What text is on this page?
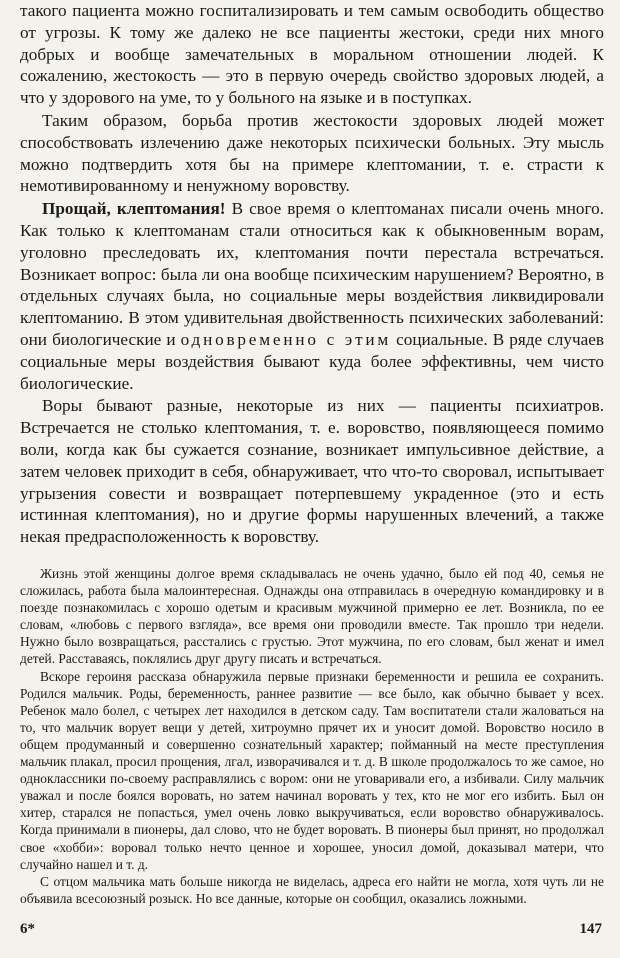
такого пациента можно госпитализировать и тем самым освободить общество от угрозы. К тому же далеко не все пациенты жестоки, среди них много добрых и вообще замечательных в моральном отношении людей. К сожалению, жестокость — это в первую очередь свойство здоровых людей, а что у здорового на уме, то у больного на языке и в поступках.

Таким образом, борьба против жестокости здоровых людей может способствовать излечению даже некоторых психически больных. Эту мысль можно подтвердить хотя бы на примере клептомании, т. е. страсти к немотивированному и ненужному воровству.

Прощай, клептомания! В свое время о клептоманах писали очень много. Как только к клептоманам стали относиться как к обыкновенным ворам, уголовно преследовать их, клептомания почти перестала встречаться. Возникает вопрос: была ли она вообще психическим нарушением? Вероятно, в отдельных случаях была, но социальные меры воздействия ликвидировали клептоманию. В этом удивительная двойственность психических заболеваний: они биологические и одновременно с этим социальные. В ряде случаев социальные меры воздействия бывают куда более эффективны, чем чисто биологические.

Воры бывают разные, некоторые из них — пациенты психиатров. Встречается не столько клептомания, т. е. воровство, появляющееся помимо воли, когда как бы сужается сознание, возникает импульсивное действие, а затем человек приходит в себя, обнаруживает, что что-то своровал, испытывает угрызения совести и возвращает потерпевшему украденное (это и есть истинная клептомания), но и другие формы нарушенных влечений, а также некая предрасположенность к воровству.

Жизнь этой женщины долгое время складывалась не очень удачно, было ей под 40, семья не сложилась, работа была малоинтересная. Однажды она отправилась в очередную командировку и в поезде познакомилась с хорошо одетым и красивым мужчиной примерно ее лет. Возникла, по ее словам, «любовь с первого взгляда», все время они проводили вместе. Так прошло три недели. Нужно было возвращаться, расстались с грустью. Этот мужчина, по его словам, был женат и имел детей. Расставаясь, поклялись друг другу писать и встречаться.

Вскоре героиня рассказа обнаружила первые признаки беременности и решила ее сохранить. Родился мальчик. Роды, беременность, раннее развитие — все было, как обычно бывает у всех. Ребенок мало болел, с четырех лет находился в детском саду. Там воспитатели стали жаловаться на то, что мальчик ворует вещи у детей, хитроумно прячет их и уносит домой. Воровство носило в общем продуманный и совершенно сознательный характер; пойманный на месте преступления мальчик плакал, просил прощения, лгал, изворачивался и т. д. В школе продолжалось то же самое, но одноклассники по-своему расправлялись с вором: они не уговаривали его, а избивали. Силу мальчик уважал и после боялся воровать, но затем начинал воровать у тех, кто не мог его избить. Был он хитер, старался не попасться, умел очень ловко выкручиваться, если воровство обнаруживалось. Когда принимали в пионеры, дал слово, что не будет воровать. В пионеры был принят, но продолжал свое «хобби»: воровал только нечто ценное и хорошее, уносил домой, доказывал матери, что случайно нашел и т. д.

С отцом мальчика мать больше никогда не виделась, адреса его найти не могла, хотя чуть ли не объявила всесоюзный розыск. Но все данные, которые он сообщил, оказались ложными.

6*	147
